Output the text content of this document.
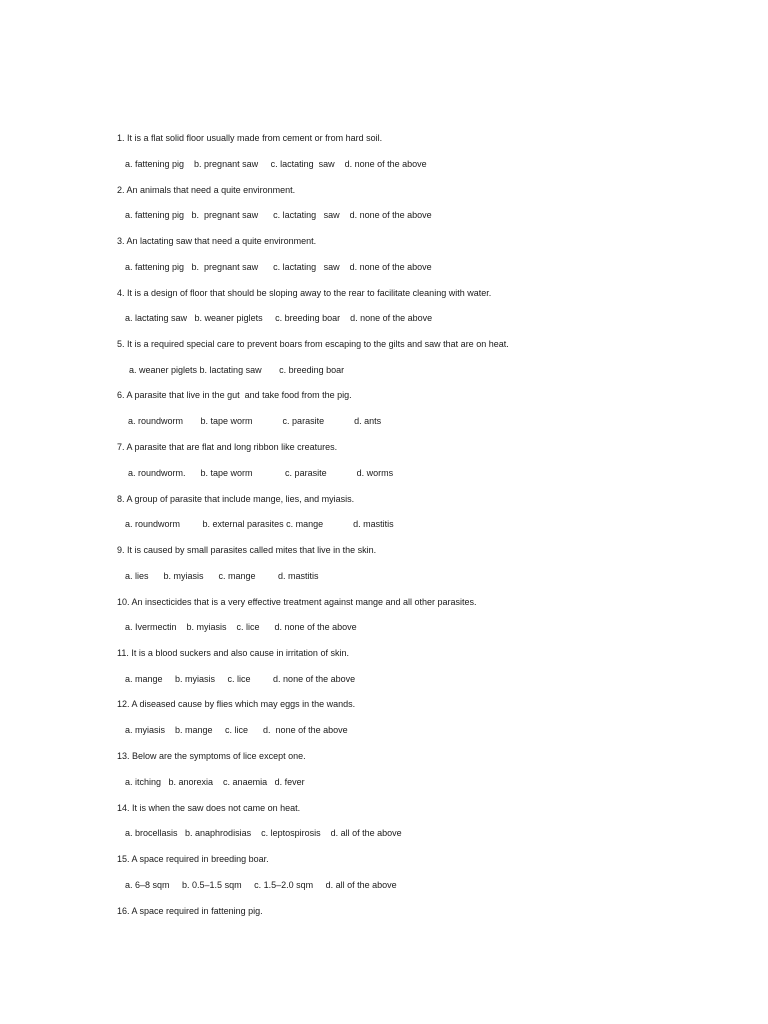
1. It is a flat solid floor usually made from cement or from hard soil.
a. fattening pig    b. pregnant saw     c. lactating  saw    d. none of the above
2. An animals that need a quite environment.
a. fattening pig   b.  pregnant saw      c. lactating   saw    d. none of the above
3. An lactating saw that need a quite environment.
a. fattening pig   b.  pregnant saw      c. lactating   saw    d. none of the above
4. It is a design of floor that should be sloping away to the rear to facilitate cleaning with water.
a. lactating saw   b. weaner piglets     c. breeding boar    d. none of the above
5. It is a required special care to prevent boars from escaping to the gilts and saw that are on heat.
a. weaner piglets b. lactating saw       c. breeding boar
6. A parasite that live in the gut  and take food from the pig.
a. roundworm       b. tape worm            c. parasite            d. ants
7. A parasite that are flat and long ribbon like creatures.
a. roundworm.      b. tape worm             c. parasite            d. worms
8. A group of parasite that include mange, lies, and myiasis.
a. roundworm         b. external parasites c. mange            d. mastitis
9. It is caused by small parasites called mites that live in the skin.
a. lies      b. myiasis      c. mange         d. mastitis
10. An insecticides that is a very effective treatment against mange and all other parasites.
a. Ivermectin    b. myiasis    c. lice      d. none of the above
11. It is a blood suckers and also cause in irritation of skin.
a. mange     b. myiasis     c. lice         d. none of the above
12. A diseased cause by flies which may eggs in the wands.
a. myiasis    b. mange     c. lice      d.  none of the above
13. Below are the symptoms of lice except one.
a. itching   b. anorexia    c. anaemia   d. fever
14. It is when the saw does not came on heat.
a. brocellasis   b. anaphrodisias    c. leptospirosis    d. all of the above
15. A space required in breeding boar.
a. 6–8 sqm     b. 0.5–1.5 sqm     c. 1.5–2.0 sqm     d. all of the above
16. A space required in fattening pig.
